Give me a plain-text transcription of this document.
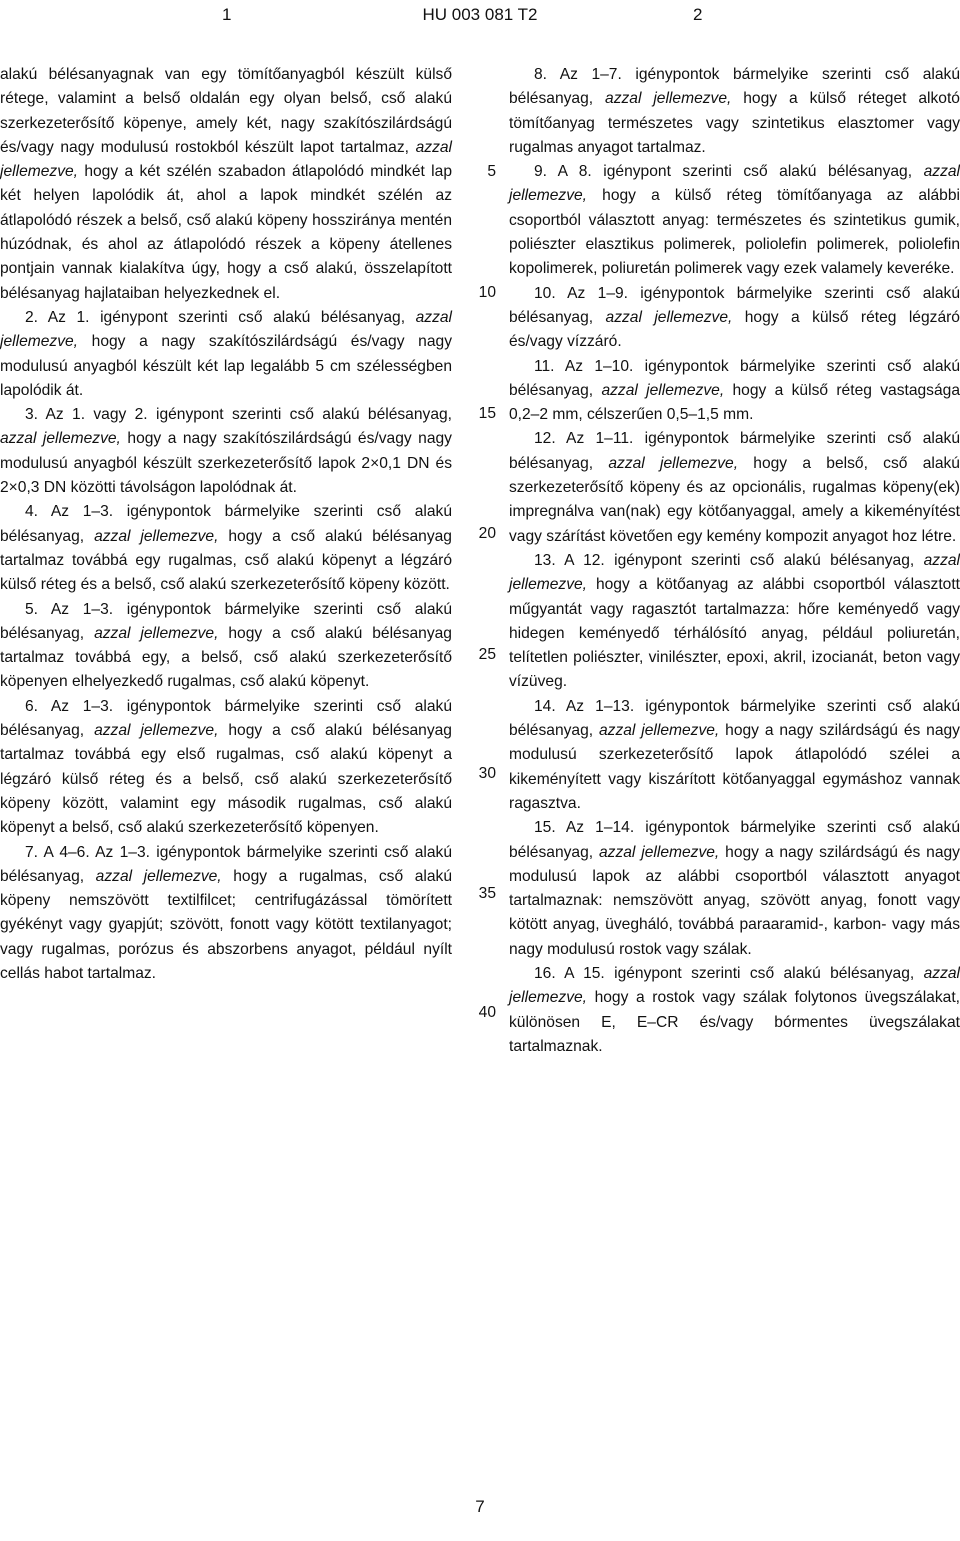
1	HU 003 081 T2	2

alakú bélésanyagnak van egy tömítőanyagból készült külső rétege, valamint a belső oldalán egy olyan belső, cső alakú szerkezeterősítő köpenye, amely két, nagy szakítószilárdságú és/vagy nagy modulusú rostokból készült lapot tartalmaz, azzal jellemezve, hogy a két szélén szabadon átlapolódó mindkét lap két helyen lapolódik át, ahol a lapok mindkét szélén az átlapolódó részek a belső, cső alakú köpeny hossziránya mentén húzódnak, és ahol az átlapolódó részek a köpeny átellenes pontjain vannak kialakítva úgy, hogy a cső alakú, összelapított bélésanyag hajlataiban helyezkednek el.

2. Az 1. igénypont szerinti cső alakú bélésanyag, azzal jellemezve, hogy a nagy szakítószilárdságú és/vagy nagy modulusú anyagból készült két lap legalább 5 cm szélességben lapolódik át.

3. Az 1. vagy 2. igénypont szerinti cső alakú bélésanyag, azzal jellemezve, hogy a nagy szakítószilárdságú és/vagy nagy modulusú anyagból készült szerkezeterősítő lapok 2×0,1 DN és 2×0,3 DN közötti távolságon lapolódnak át.

4. Az 1–3. igénypontok bármelyike szerinti cső alakú bélésanyag, azzal jellemezve, hogy a cső alakú bélésanyag tartalmaz továbbá egy rugalmas, cső alakú köpenyt a légzáró külső réteg és a belső, cső alakú szerkezeterősítő köpeny között.

5. Az 1–3. igénypontok bármelyike szerinti cső alakú bélésanyag, azzal jellemezve, hogy a cső alakú bélésanyag tartalmaz továbbá egy, a belső, cső alakú szerkezeterősítő köpenyen elhelyezkedő rugalmas, cső alakú köpenyt.

6. Az 1–3. igénypontok bármelyike szerinti cső alakú bélésanyag, azzal jellemezve, hogy a cső alakú bélésanyag tartalmaz továbbá egy első rugalmas, cső alakú köpenyt a légzáró külső réteg és a belső, cső alakú szerkezeterősítő köpeny között, valamint egy második rugalmas, cső alakú köpenyt a belső, cső alakú szerkezeterősítő köpenyen.

7. A 4–6. Az 1–3. igénypontok bármelyike szerinti cső alakú bélésanyag, azzal jellemezve, hogy a rugalmas, cső alakú köpeny nemszövött textilfilcet; centrifugázással tömörített gyékényt vagy gyapjút; szövött, fonott vagy kötött textilanyagot; vagy rugalmas, porózus és abszorbens anyagot, például nyílt cellás habot tartalmaz.

8. Az 1–7. igénypontok bármelyike szerinti cső alakú bélésanyag, azzal jellemezve, hogy a külső réteget alkotó tömítőanyag természetes vagy szintetikus elasztomer vagy rugalmas anyagot tartalmaz.

9. A 8. igénypont szerinti cső alakú bélésanyag, azzal jellemezve, hogy a külső réteg tömítőanyaga az alábbi csoportból választott anyag: természetes és szintetikus gumik, poliészter elasztikus polimerek, poliolefin polimerek, poliolefin kopolimerek, poliuretán polimerek vagy ezek valamely keveréke.

10. Az 1–9. igénypontok bármelyike szerinti cső alakú bélésanyag, azzal jellemezve, hogy a külső réteg légzáró és/vagy vízzáró.

11. Az 1–10. igénypontok bármelyike szerinti cső alakú bélésanyag, azzal jellemezve, hogy a külső réteg vastagsága 0,2–2 mm, célszerűen 0,5–1,5 mm.

12. Az 1–11. igénypontok bármelyike szerinti cső alakú bélésanyag, azzal jellemezve, hogy a belső, cső alakú szerkezeterősítő köpeny és az opcionális, rugalmas köpeny(ek) impregnálva van(nak) egy kötőanyaggal, amely a kikeményítést vagy szárítást követően egy kemény kompozit anyagot hoz létre.

13. A 12. igénypont szerinti cső alakú bélésanyag, azzal jellemezve, hogy a kötőanyag az alábbi csoportból választott műgyantát vagy ragasztót tartalmazza: hőre keményedő vagy hidegen keményedő térhálósító anyag, például poliuretán, telítetlen poliészter, vinilészter, epoxi, akril, izocianát, beton vagy vízüveg.

14. Az 1–13. igénypontok bármelyike szerinti cső alakú bélésanyag, azzal jellemezve, hogy a nagy szilárdságú és nagy modulusú szerkezeterősítő lapok átlapolódó szélei a kikeményített vagy kiszárított kötőanyaggal egymáshoz vannak ragasztva.

15. Az 1–14. igénypontok bármelyike szerinti cső alakú bélésanyag, azzal jellemezve, hogy a nagy szilárdságú és nagy modulusú lapok az alábbi csoportból választott anyagot tartalmaznak: nemszövött anyag, szövött anyag, fonott vagy kötött anyag, üvegháló, továbbá paraaramid-, karbon- vagy más nagy modulusú rostok vagy szálak.

16. A 15. igénypont szerinti cső alakú bélésanyag, azzal jellemezve, hogy a rostok vagy szálak folytonos üvegszálakat, különösen E, E–CR és/vagy bórmentes üvegszálakat tartalmaznak.

5
10
15
20
25
30
35
40
7
